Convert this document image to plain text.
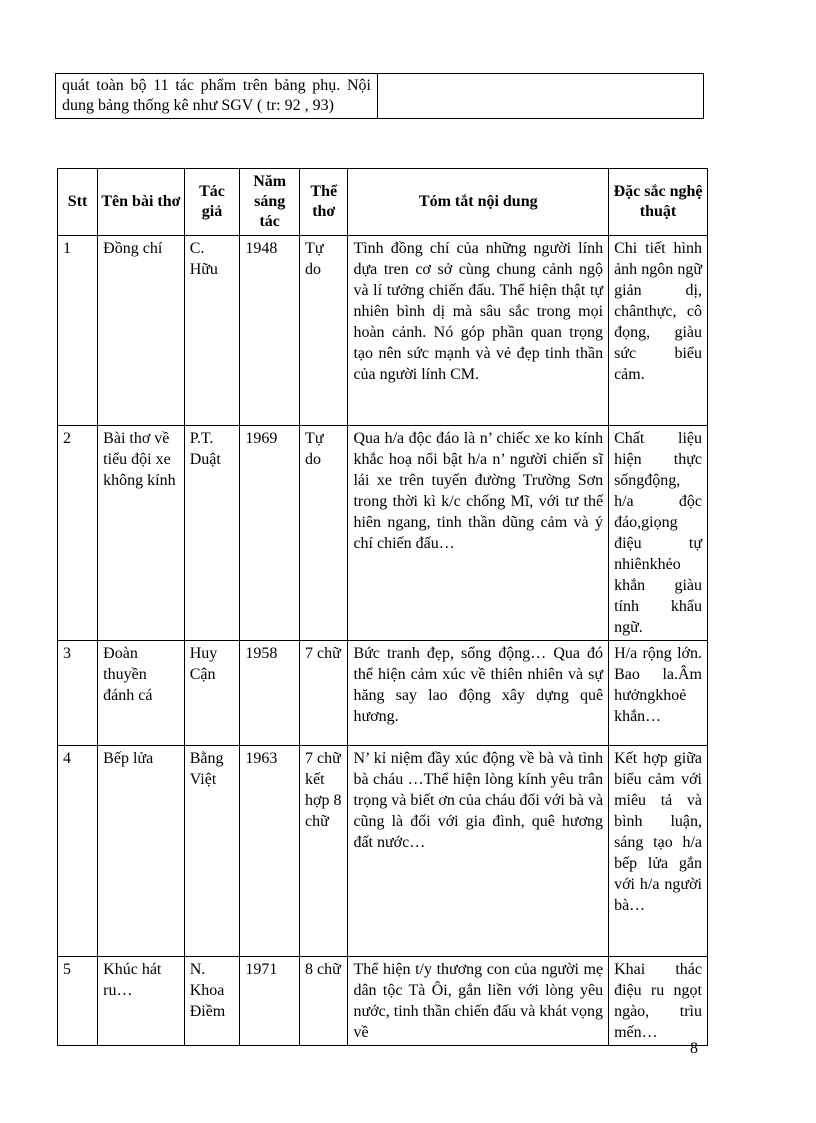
quát toàn bộ 11 tác phẩm trên bảng phụ. Nội dung bảng thống kê như SGV ( tr: 92 , 93)	
Stt	Tên bài thơ	Tác giả	Năm sáng tác	Thể thơ	Tóm tắt nội dung	Đặc sắc nghệ thuật
1	Đồng chí	C. Hữu	1948	Tự do	Tình đồng chí của những người lính dựa tren cơ sở cùng chung cảnh ngộ và lí tưởng chiến đấu. Thể hiện thật tự nhiên bình dị mà sâu sắc trong mọi hoàn cảnh. Nó góp phần quan trọng tạo nên sức mạnh và vẻ đẹp tinh thần của người lính CM.	Chi tiết hình ảnh ngôn ngữ giản dị, chânthực, cô đọng, giàu sức biểu cảm.
2	Bài thơ về tiểu đội xe không kính	P.T. Duật	1969	Tự do	Qua h/a độc đáo là n’ chiếc xe ko kính khắc hoạ nổi bật h/a n’ người chiến sĩ lái xe trên tuyến đường Trường Sơn trong thời kì k/c chống Mĩ, với tư thế hiên ngang, tinh thần dũng cảm và ý chí chiến đấu…	Chất liệu hiện thực sốngđộng, h/a độc đáo,giọng điệu tự nhiênkhẻo khắn giàu tính khẩu ngữ.
3	Đoàn thuyền đánh cá	Huy Cận	1958	7 chữ	Bức tranh đẹp, sống động… Qua đó thể hiện cảm xúc về thiên nhiên và sự hăng say lao động xây dựng quê hương.	H/a rộng lớn. Bao la.Âm hưởngkhoẻ khắn…
4	Bếp lửa	Bằng Việt	1963	7 chữ kết hợp 8 chữ	N’ kỉ niệm đầy xúc động về bà và tình bà cháu …Thể hiện lòng kính yêu trân trọng và biết ơn của cháu đối với bà và cũng là đối với gia đình, quê hương đất nước…	Kết hợp giữa biểu cảm với miêu tả và bình luận, sáng tạo h/a bếp lửa gắn với h/a người bà…
5	Khúc hát ru…	N. Khoa Điềm	1971	8 chữ	Thể hiện t/y thương con của người mẹ dân tộc Tà Ôi, gắn liền với lòng yêu nước, tinh thần chiến đấu và khát vọng về	Khai thác điệu ru ngọt ngào, trìu mến…
8
